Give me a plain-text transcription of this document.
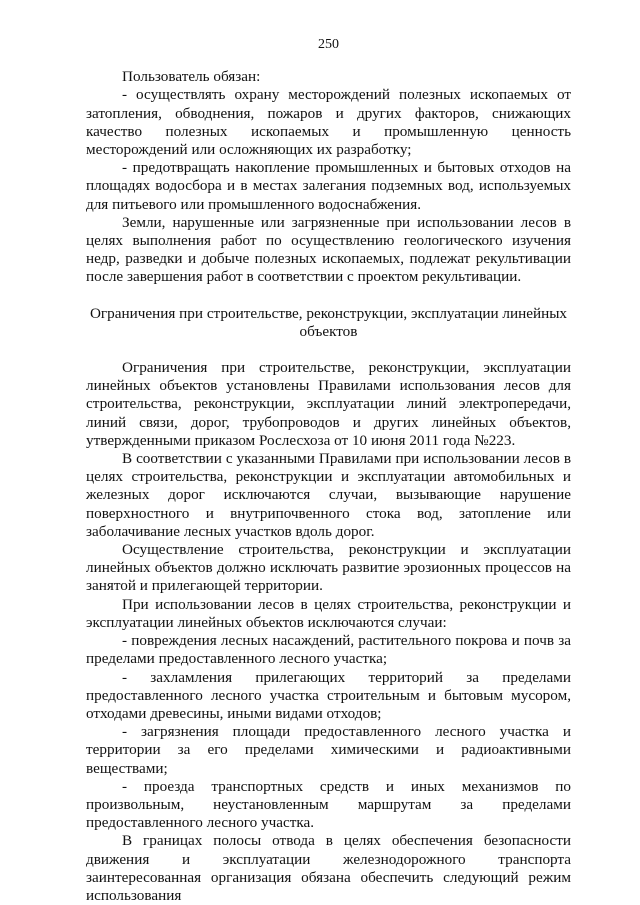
250

Пользователь обязан:

- осуществлять охрану месторождений полезных ископаемых от затопления, обводнения, пожаров и других факторов, снижающих качество полезных ископаемых и промышленную ценность месторождений или осложняющих их разработку;

- предотвращать накопление промышленных и бытовых отходов на площадях водосбора и в местах залегания подземных вод, используемых для питьевого или промышленного водоснабжения.

Земли, нарушенные или загрязненные при использовании лесов в целях выполнения работ по осуществлению геологического изучения недр, разведки и добыче полезных ископаемых, подлежат рекультивации после завершения работ в соответствии с проектом рекультивации.

Ограничения при строительстве, реконструкции, эксплуатации линейных объектов

Ограничения при строительстве, реконструкции, эксплуатации линейных объектов установлены Правилами использования лесов для строительства, реконструкции, эксплуатации линий электропередачи, линий связи, дорог, трубопроводов и других линейных объектов, утвержденными приказом Рослесхоза от 10 июня 2011 года №223.

В соответствии с указанными Правилами при использовании лесов в целях строительства, реконструкции и эксплуатации автомобильных и железных дорог исключаются случаи, вызывающие нарушение поверхностного и внутрипочвенного стока вод, затопление или заболачивание лесных участков вдоль дорог.

Осуществление строительства, реконструкции и эксплуатации линейных объектов должно исключать развитие эрозионных процессов на занятой и прилегающей территории.

При использовании лесов в целях строительства, реконструкции и эксплуатации линейных объектов исключаются случаи:

- повреждения лесных насаждений, растительного покрова и почв за пределами предоставленного лесного участка;

- захламления прилегающих территорий за пределами предоставленного лесного участка строительным и бытовым мусором, отходами древесины, иными видами отходов;

- загрязнения площади предоставленного лесного участка и территории за его пределами химическими и радиоактивными веществами;

- проезда транспортных средств и иных механизмов по произвольным, неустановленным маршрутам за пределами предоставленного лесного участка.

В границах полосы отвода в целях обеспечения безопасности движения и эксплуатации железнодорожного транспорта заинтересованная организация обязана обеспечить следующий режим использования
